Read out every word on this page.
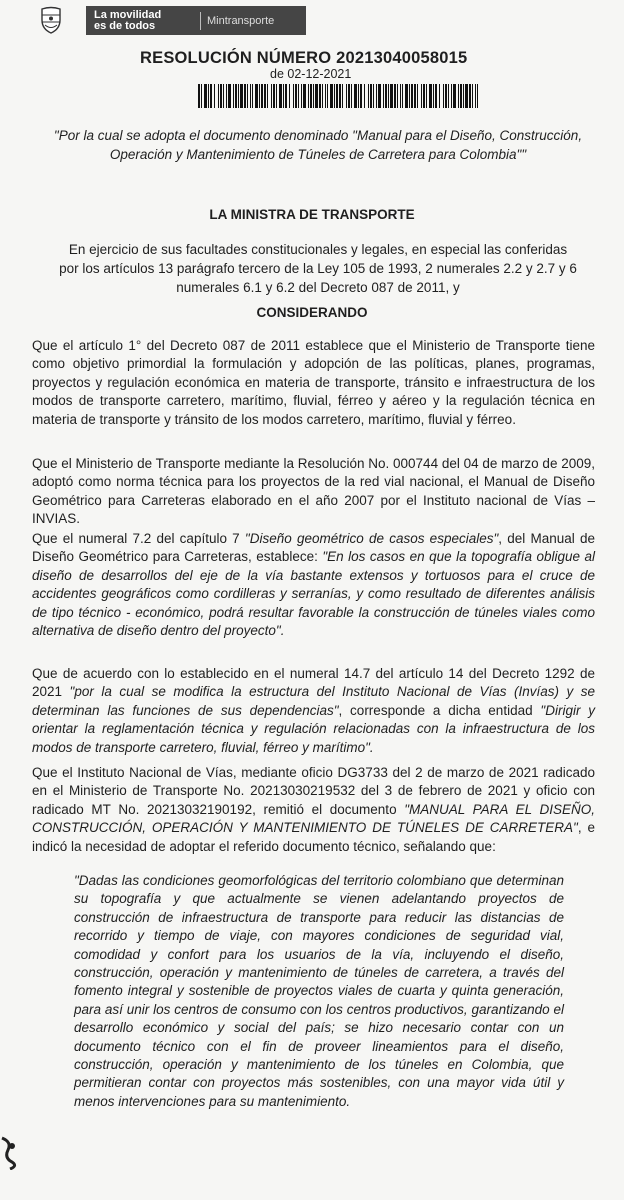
La movilidad
es de todos	Mintransporte
RESOLUCIÓN NÚMERO 20213040058015
de 02-12-2021
"Por la cual se adopta el documento denominado "Manual para el Diseño, Construcción, Operación y Mantenimiento de Túneles de Carretera para Colombia""
LA MINISTRA DE TRANSPORTE
En ejercicio de sus facultades constitucionales y legales, en especial las conferidas por los artículos 13 parágrafo tercero de la Ley 105 de 1993, 2 numerales 2.2 y 2.7 y 6 numerales 6.1 y 6.2 del Decreto 087 de 2011, y
CONSIDERANDO

Que el artículo 1° del Decreto 087 de 2011 establece que el Ministerio de Transporte tiene como objetivo primordial la formulación y adopción de las políticas, planes, programas, proyectos y regulación económica en materia de transporte, tránsito e infraestructura de los modos de transporte carretero, marítimo, fluvial, férreo y aéreo y la regulación técnica en materia de transporte y tránsito de los modos carretero, marítimo, fluvial y férreo.

Que el Ministerio de Transporte mediante la Resolución No. 000744 del 04 de marzo de 2009, adoptó como norma técnica para los proyectos de la red vial nacional, el Manual de Diseño Geométrico para Carreteras elaborado en el año 2007 por el Instituto nacional de Vías – INVIAS.

Que el numeral 7.2 del capítulo 7 "Diseño geométrico de casos especiales", del Manual de Diseño Geométrico para Carreteras, establece: "En los casos en que la topografía obligue al diseño de desarrollos del eje de la vía bastante extensos y tortuosos para el cruce de accidentes geográficos como cordilleras y serranías, y como resultado de diferentes análisis de tipo técnico - económico, podrá resultar favorable la construcción de túneles viales como alternativa de diseño dentro del proyecto".

Que de acuerdo con lo establecido en el numeral 14.7 del artículo 14 del Decreto 1292 de 2021 "por la cual se modifica la estructura del Instituto Nacional de Vías (Invías) y se determinan las funciones de sus dependencias", corresponde a dicha entidad "Dirigir y orientar la reglamentación técnica y regulación relacionadas con la infraestructura de los modos de transporte carretero, fluvial, férreo y marítimo".

Que el Instituto Nacional de Vías, mediante oficio DG3733 del 2 de marzo de 2021 radicado en el Ministerio de Transporte No. 20213030219532 del 3 de febrero de 2021 y oficio con radicado MT No. 20213032190192, remitió el documento "MANUAL PARA EL DISEÑO, CONSTRUCCIÓN, OPERACIÓN Y MANTENIMIENTO DE TÚNELES DE CARRETERA", e indicó la necesidad de adoptar el referido documento técnico, señalando que:

"Dadas las condiciones geomorfológicas del territorio colombiano que determinan su topografía y que actualmente se vienen adelantando proyectos de construcción de infraestructura de transporte para reducir las distancias de recorrido y tiempo de viaje, con mayores condiciones de seguridad vial, comodidad y confort para los usuarios de la vía, incluyendo el diseño, construcción, operación y mantenimiento de túneles de carretera, a través del fomento integral y sostenible de proyectos viales de cuarta y quinta generación, para así unir los centros de consumo con los centros productivos, garantizando el desarrollo económico y social del país; se hizo necesario contar con un documento técnico con el fin de proveer lineamientos para el diseño, construcción, operación y mantenimiento de los túneles en Colombia, que permitieran contar con proyectos más sostenibles, con una mayor vida útil y menos intervenciones para su mantenimiento.
